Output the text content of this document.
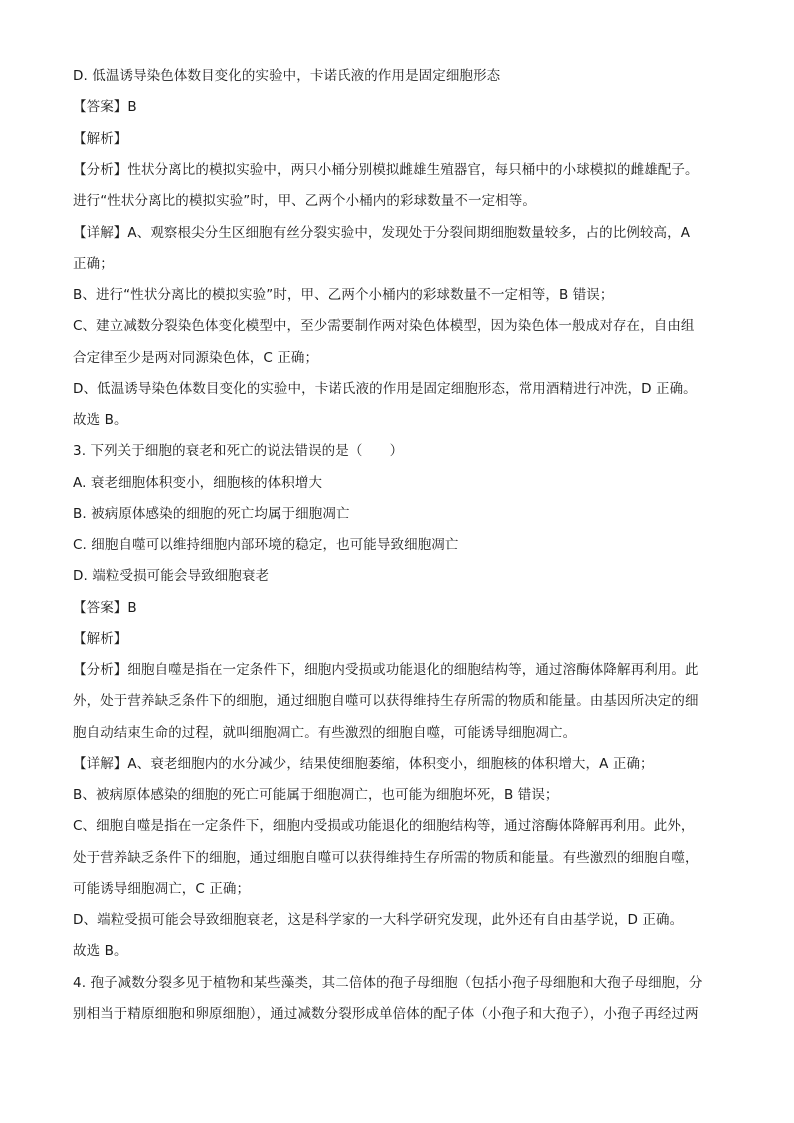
D. 低温诱导染色体数目变化的实验中，卡诺氏液的作用是固定细胞形态
【答案】B
【解析】
【分析】性状分离比的模拟实验中，两只小桶分别模拟雌雄生殖器官，每只桶中的小球模拟的雌雄配子。
进行“性状分离比的模拟实验”时，甲、乙两个小桶内的彩球数量不一定相等。
【详解】A、观察根尖分生区细胞有丝分裂实验中，发现处于分裂间期细胞数量较多，占的比例较高，A
正确；
B、进行“性状分离比的模拟实验”时，甲、乙两个小桶内的彩球数量不一定相等，B 错误；
C、建立减数分裂染色体变化模型中，至少需要制作两对染色体模型，因为染色体一般成对存在，自由组
合定律至少是两对同源染色体，C 正确；
D、低温诱导染色体数目变化的实验中，卡诺氏液的作用是固定细胞形态，常用酒精进行冲洗，D 正确。
故选 B。
3. 下列关于细胞的衰老和死亡的说法错误的是（　　）
A. 衰老细胞体积变小，细胞核的体积增大
B. 被病原体感染的细胞的死亡均属于细胞凋亡
C. 细胞自噬可以维持细胞内部环境的稳定，也可能导致细胞凋亡
D. 端粒受损可能会导致细胞衰老
【答案】B
【解析】
【分析】细胞自噬是指在一定条件下，细胞内受损或功能退化的细胞结构等，通过溶酶体降解再利用。此
外，处于营养缺乏条件下的细胞，通过细胞自噬可以获得维持生存所需的物质和能量。由基因所决定的细
胞自动结束生命的过程，就叫细胞凋亡。有些激烈的细胞自噬，可能诱导细胞凋亡。
【详解】A、衰老细胞内的水分减少，结果使细胞萎缩，体积变小，细胞核的体积增大，A 正确；
B、被病原体感染的细胞的死亡可能属于细胞凋亡，也可能为细胞坏死，B 错误；
C、细胞自噬是指在一定条件下，细胞内受损或功能退化的细胞结构等，通过溶酶体降解再利用。此外，
处于营养缺乏条件下的细胞，通过细胞自噬可以获得维持生存所需的物质和能量。有些激烈的细胞自噬，
可能诱导细胞凋亡，C 正确；
D、端粒受损可能会导致细胞衰老，这是科学家的一大科学研究发现，此外还有自由基学说，D 正确。
故选 B。
4. 孢子减数分裂多见于植物和某些藻类，其二倍体的孢子母细胞（包括小孢子母细胞和大孢子母细胞，分
别相当于精原细胞和卵原细胞），通过减数分裂形成单倍体的配子体（小孢子和大孢子），小孢子再经过两
